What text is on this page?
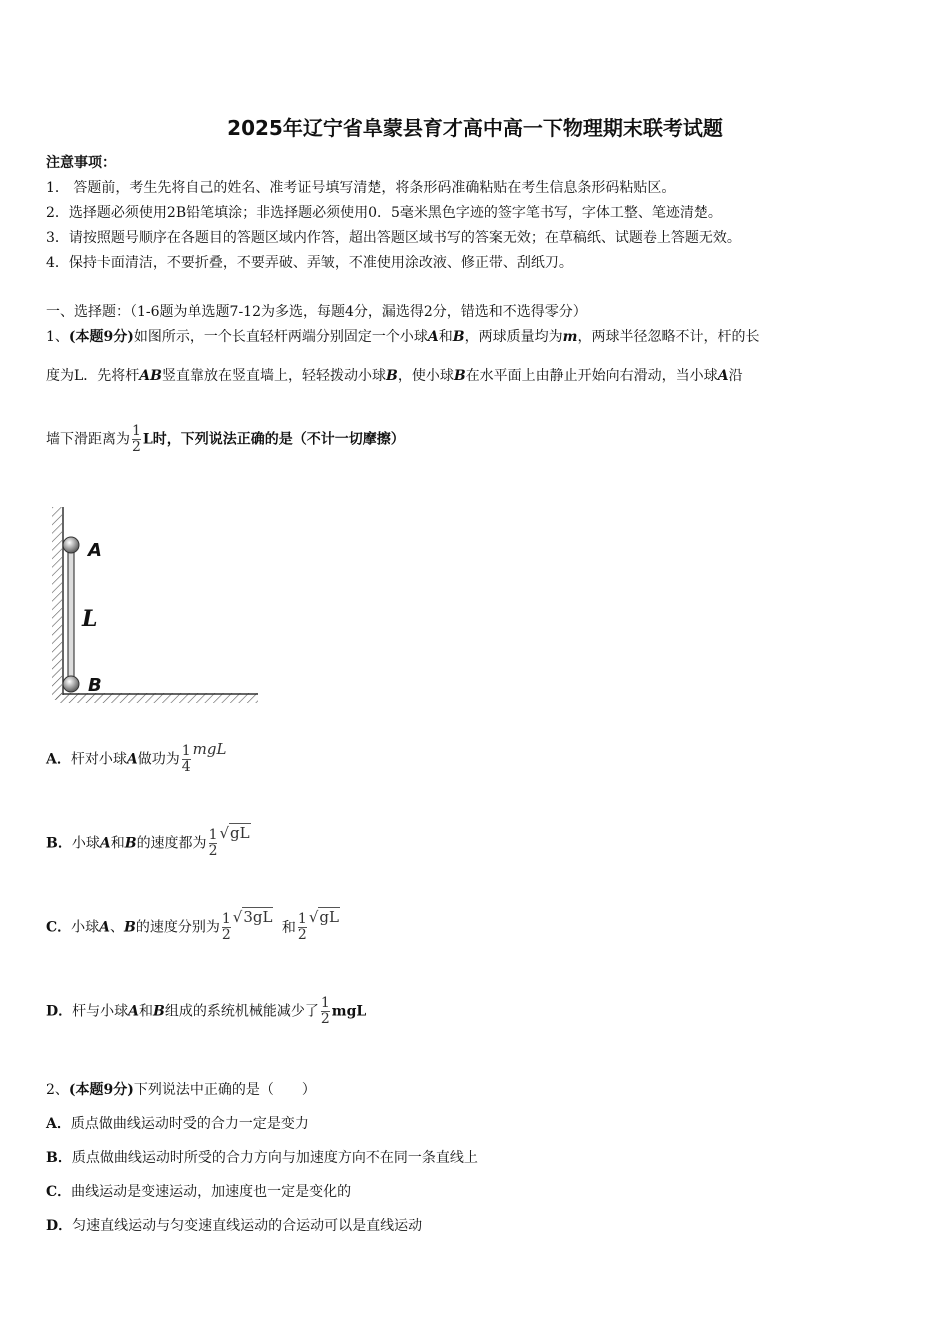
2025年辽宁省阜蒙县育才高中高一下物理期末联考试题
注意事项：
1． 答题前，考生先将自己的姓名、准考证号填写清楚，将条形码准确粘贴在考生信息条形码粘贴区。
2．选择题必须使用2B铅笔填涂；非选择题必须使用0．5毫米黑色字迹的签字笔书写，字体工整、笔迹清楚。
3．请按照题号顺序在各题目的答题区域内作答，超出答题区域书写的答案无效；在草稿纸、试题卷上答题无效。
4．保持卡面清洁，不要折叠，不要弄破、弄皱，不准使用涂改液、修正带、刮纸刀。
一、选择题：（1-6题为单选题7-12为多选，每题4分，漏选得2分，错选和不选得零分）
1、(本题9分)如图所示，一个长直轻杆两端分别固定一个小球A和B，两球质量均为m，两球半径忽略不计，杆的长
度为L．先将杆AB竖直靠放在竖直墙上，轻轻拨动小球B，使小球B在水平面上由静止开始向右滑动，当小球A沿
墙下滑距离为 $\frac{1}{2}$ L时，下列说法正确的是（不计一切摩擦）
A
L
B
A．杆对小球A做功为 $\frac{1}{4}$ mgL
B．小球A和B的速度都为 $\frac{1}{2} √gL$
C．小球A、B的速度分别为 $\frac{1}{2} √3gL$ 和 $\frac{1}{2} √gL$
D．杆与小球A和B组成的系统机械能减少了 $\frac{1}{2}$ mgL
2、(本题9分)下列说法中正确的是（　　）
A．质点做曲线运动时受的合力一定是变力
B．质点做曲线运动时所受的合力方向与加速度方向不在同一条直线上
C．曲线运动是变速运动，加速度也一定是变化的
D．匀速直线运动与匀变速直线运动的合运动可以是直线运动
